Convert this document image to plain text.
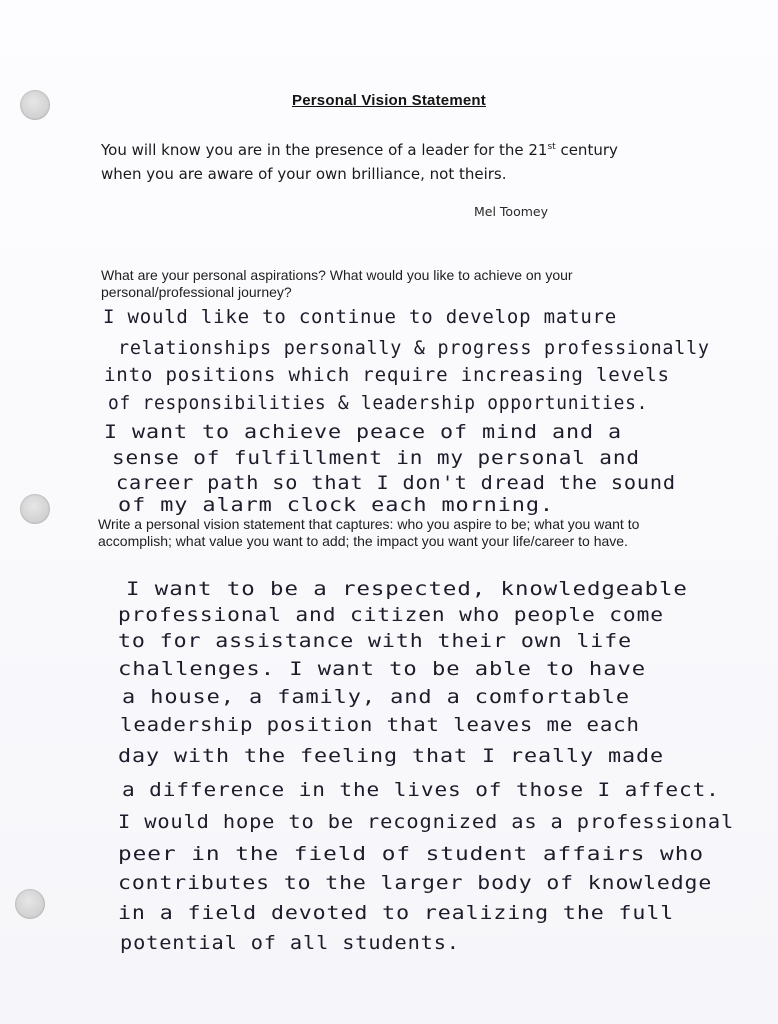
Personal Vision Statement
You will know you are in the presence of a leader for the 21st century
when you are aware of your own brilliance, not theirs.
Mel Toomey
What are your personal aspirations? What would you like to achieve on your personal/professional journey?
I would like to continue to develop mature
relationships personally & progress professionally
into positions which require increasing levels
of responsibilities & leadership opportunities.
I want to achieve peace of mind and a
sense of fulfillment in my personal and
career path so that I don't dread the sound
of my alarm clock each morning.
Write a personal vision statement that captures: who you aspire to be; what you want to accomplish; what value you want to add; the impact you want your life/career to have.
I want to be a respected, knowledgeable
professional and citizen who people come
to for assistance with their own life
challenges. I want to be able to have
a house, a family, and a comfortable
leadership position that leaves me each
day with the feeling that I really made
a difference in the lives of those I affect.
I would hope to be recognized as a professional
peer in the field of student affairs who
contributes to the larger body of knowledge
in a field devoted to realizing the full
potential of all students.
